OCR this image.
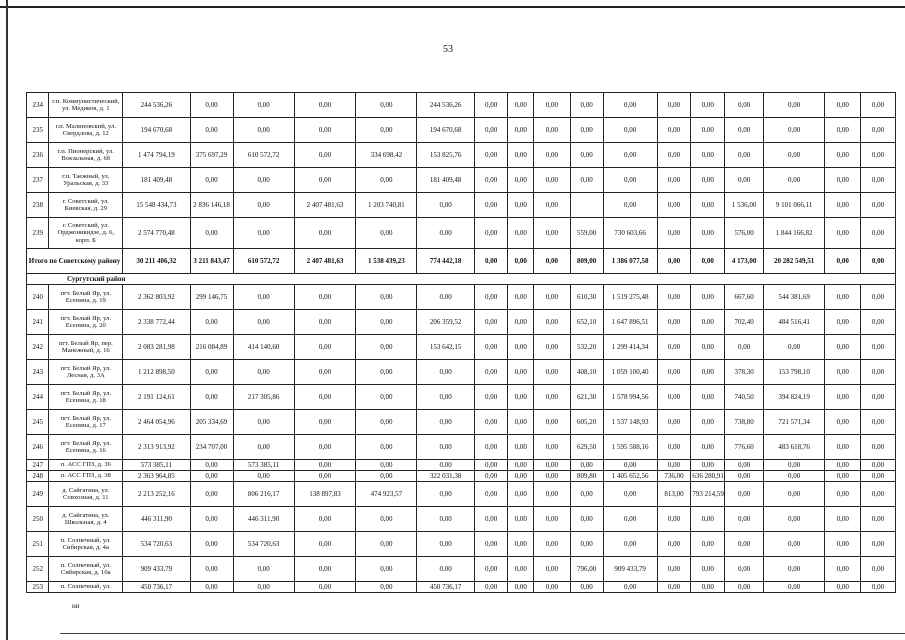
53
234	г.п. Коммунистический, ул. Медиков, д. 1	244 536,26	0,00	0,00	0,00	0,00	244 536,26	0,00	0,00	0,00	0,00	0,00	0,00	0,00	0,00	0,00	0,00	0,00
235	г.п. Малиновский, ул. Свердлова, д. 12	194 670,68	0,00	0,00	0,00	0,00	194 670,68	0,00	0,00	0,00	0,00	0,00	0,00	0,00	0,00	0,00	0,00	0,00
236	г.п. Пионерский, ул. Вокзальная, д. 6б	1 474 794,19	375 697,29	610 572,72	0,00	334 698,42	153 825,76	0,00	0,00	0,00	0,00	0,00	0,00	0,00	0,00	0,00	0,00	0,00
237	г.п. Таежный, ул. Уральская, д. 33	181 409,48	0,00	0,00	0,00	0,00	181 409,48	0,00	0,00	0,00	0,00	0,00	0,00	0,00	0,00	0,00	0,00	0,00
238	г. Советский, ул. Киевская, д. 29	15 548 434,73	2 836 146,18	0,00	2 407 481,63	1 203 740,81	0,00	0,00	0,00	0,00		0,00	0,00	0,00	1 536,00	9 101 066,11	0,00	0,00
239	г. Советский, ул. Орджоникидзе, д. 6, корп. Б	2 574 770,48	0,00	0,00	0,00	0,00	0,00	0,00	0,00	0,00	559,00	730 603,66	0,00	0,00	576,00	1 844 166,82	0,00	0,00
Итого по Советскому району		30 211 406,32	3 211 843,47	610 572,72	2 407 481,63	1 538 439,23	774 442,18	0,00	0,00	0,00	809,00	1 386 077,58	0,00	0,00	4 173,00	20 282 549,51	0,00	0,00
Сургутский район																		
240	пгт. Белый Яр, ул. Есенина, д. 19	2 362 803,92	299 146,75	0,00	0,00	0,00	0,00	0,00	0,00	0,00	610,30	1 519 275,48	0,00	0,00	667,60	544 381,69	0,00	0,00
241	пгт. Белый Яр, ул. Есенина, д. 20	2 338 772,44	0,00	0,00	0,00	0,00	206 359,52	0,00	0,00	0,00	652,10	1 647 896,51	0,00	0,00	702,40	484 516,41	0,00	0,00
242	пгт. Белый Яр, пер. Манежный, д. 16	2 083 281,98	216 084,89	414 140,60	0,00	0,00	153 642,15	0,00	0,00	0,00	532,20	1 299 414,34	0,00	0,00	0,00	0,00	0,00	0,00
243	пгт. Белый Яр, ул. Лесная, д. 3А	1 212 898,50	0,00	0,00	0,00	0,00	0,00	0,00	0,00	0,00	408,10	1 059 100,40	0,00	0,00	378,30	153 798,10	0,00	0,00
244	пгт. Белый Яр, ул. Есенина, д. 18	2 191 124,61	0,00	217 305,86	0,00	0,00	0,00	0,00	0,00	0,00	621,30	1 578 994,56	0,00	0,00	740,50	394 824,19	0,00	0,00
245	пгт. Белый Яр, ул. Есенина, д. 17	2 464 054,96	205 334,69	0,00	0,00	0,00	0,00	0,00	0,00	0,00	605,20	1 537 148,93	0,00	0,00	738,80	721 571,34	0,00	0,00
246	пгт. Белый Яр, ул. Есенина, д. 16	2 313 913,92	234 707,00	0,00	0,00	0,00	0,00	0,00	0,00	0,00	629,50	1 595 588,16	0,00	0,00	776,60	483 618,76	0,00	0,00
247	п. АСС ГПЗ, д. 36	573 385,11	0,00	573 385,11	0,00	0,00	0,00	0,00	0,00	0,00	0,00	0,00	0,00	0,00	0,00	0,00	0,00	0,00
248	п. АСС ГПЗ, д. 38	2 363 964,85	0,00	0,00	0,00	0,00	322 031,38	0,00	0,00	0,00	809,80	1 405 652,56	736,00	636 280,91	0,00	0,00	0,00	0,00
249	д. Сайгатина, ул. Совхозная, д. 11	2 213 252,16	0,00	806 216,17	138 897,83	474 923,57	0,00	0,00	0,00	0,00	0,00	0,00	813,00	793 214,59	0,00	0,00	0,00	0,00
250	д. Сайгатина, ул. Школьная, д. 4	446 311,90	0,00	446 311,90	0,00	0,00	0,00	0,00	0,00	0,00	0,00	0,00	0,00	0,00	0,00	0,00	0,00	0,00
251	п. Солнечный, ул. Сибирская, д. 4а	534 720,63	0,00	534 720,63	0,00	0,00	0,00	0,00	0,00	0,00	0,00	0,00	0,00	0,00	0,00	0,00	0,00	0,00
252	п. Солнечный, ул. Сибирская, д. 10а	909 433,79	0,00	0,00	0,00	0,00	0,00	0,00	0,00	0,00	796,00	909 433,79	0,00	0,00	0,00	0,00	0,00	0,00
253	п. Солнечный, ул.	450 736,17	0,00	0,00	0,00	0,00	450 736,17	0,00	0,00	0,00	0,00	0,00	0,00	0,00	0,00	0,00	0,00	0,00
ни
